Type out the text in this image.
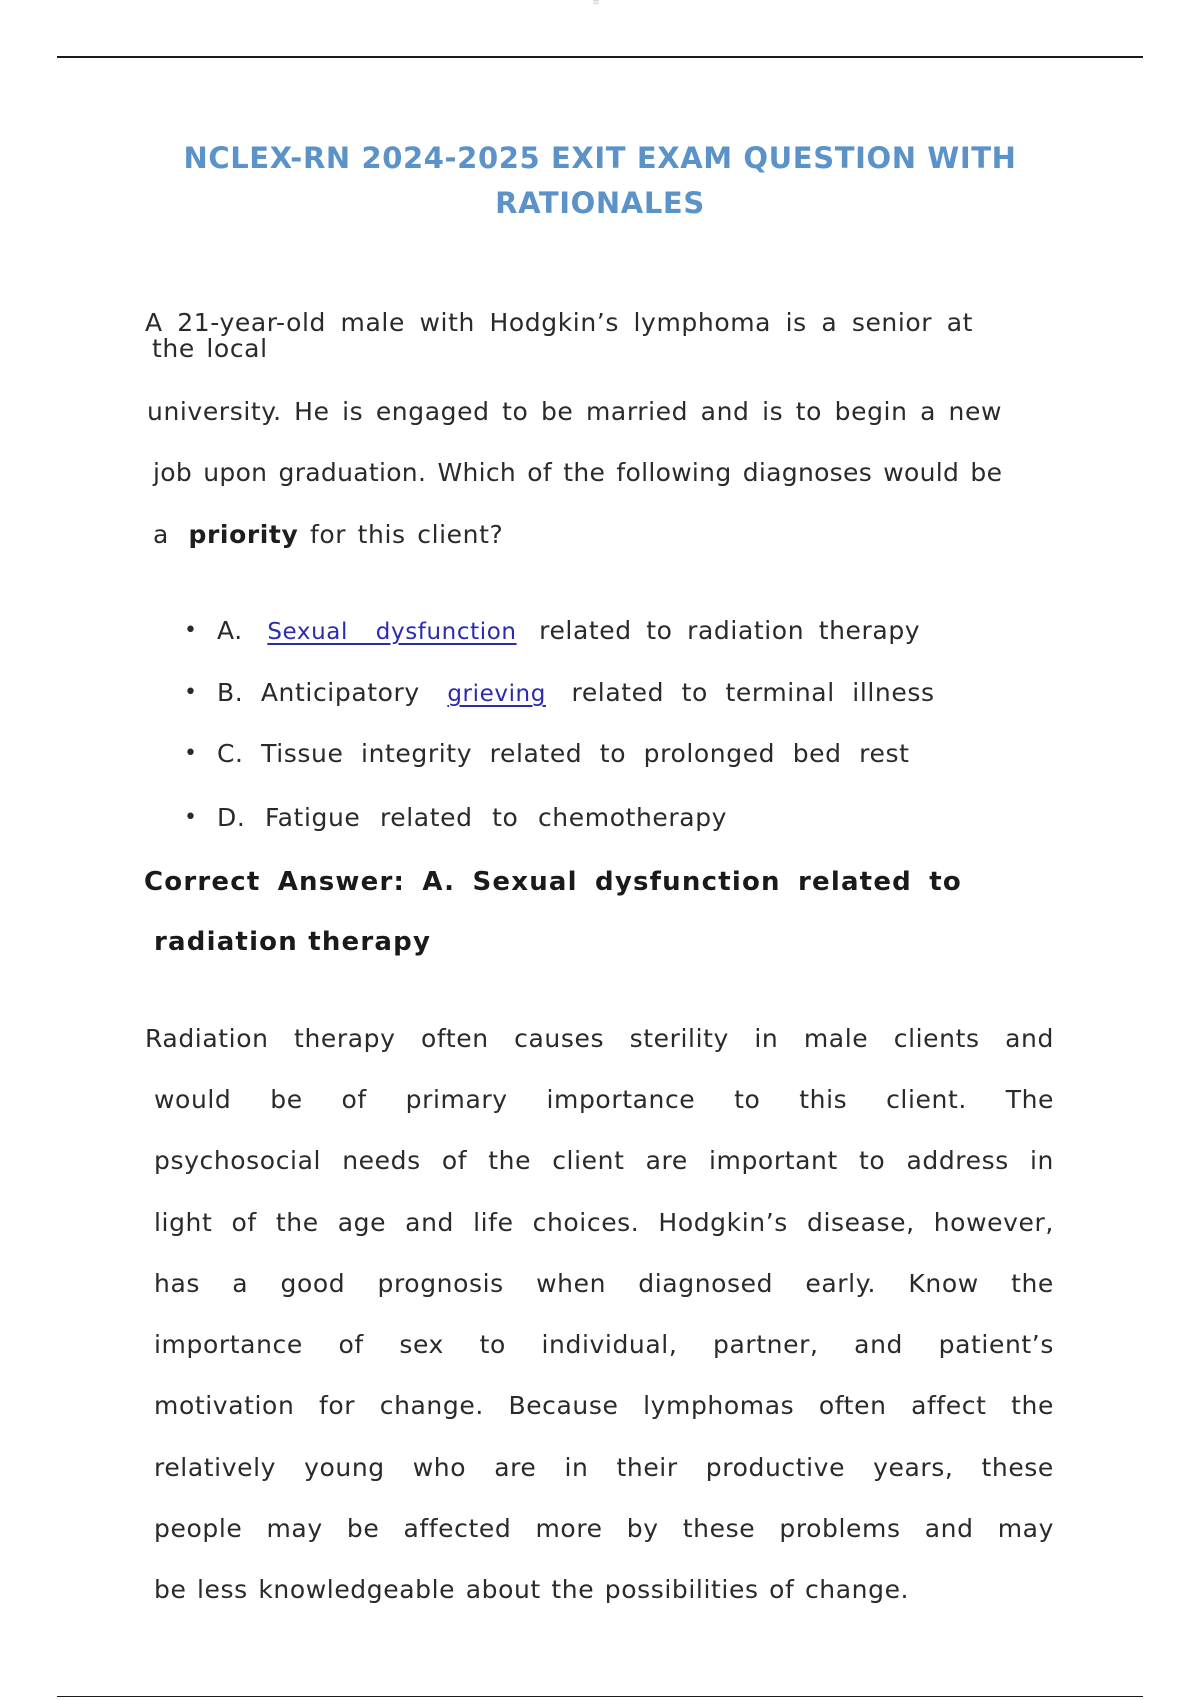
≡
NCLEX-RN 2024-2025 EXIT EXAM QUESTION WITH
RATIONALES
A 21-year-old male with Hodgkin’s lymphoma is a senior at
the local
university. He is engaged to be married and is to begin a new
job upon graduation. Which of the following diagnoses would be
a priority for this client?
• A. Sexual  dysfunction related to radiation therapy
• B. Anticipatory grieving related to terminal illness
• C. Tissue integrity related to prolonged bed rest
• D. Fatigue related to chemotherapy
Correct Answer: A. Sexual dysfunction related to
radiation therapy
Radiation therapy often causes sterility in male clients and
would be of primary importance to this client. The
psychosocial needs of the client are important to address in
light of the age and life choices. Hodgkin’s disease, however,
has a good prognosis when diagnosed early. Know the
importance of sex to individual, partner, and patient’s
motivation for change. Because lymphomas often affect the
relatively young who are in their productive years, these
people may be affected more by these problems and may
be less knowledgeable about the possibilities of change.
